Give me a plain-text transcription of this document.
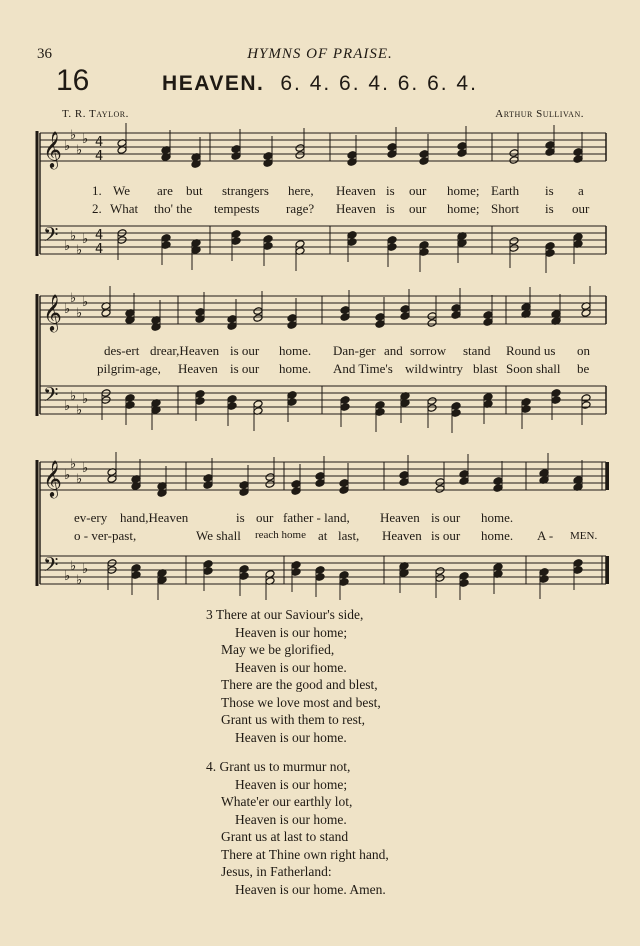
36	HYMNS OF PRAISE.
16	HEAVEN. 6. 4. 6. 4. 6. 6. 4.
T. R. Taylor.	Arthur Sullivan.
𝄞
𝄢
♭
♭
♭
♭
♭
♭
♭
♭
4
4
4
4
𝄞
𝄢
♭
♭
♭
♭
♭
♭
♭
♭
𝄞
𝄢
♭
♭
♭
♭
♭
♭
♭
♭
1. We are but strangers here, Heaven is our home; Earth is a
2. What tho' the tempests rage? Heaven is our home; Short is our
des-ert drear,Heaven is our home. Dan-ger and sorrow stand Round us on
pilgrim-age, Heaven is our home. And Time's wild wintry blast Soon shall be
ev-ery hand,Heaven	is our father - land, Heaven is our home.
o - ver-past,	We shall reach home at last, Heaven is our home. A - MEN.
3 There at our Saviour's side,
Heaven is our home;
May we be glorified,
Heaven is our home.
There are the good and blest,
Those we love most and best,
Grant us with them to rest,
Heaven is our home.
4. Grant us to murmur not,
Heaven is our home;
Whate'er our earthly lot,
Heaven is our home.
Grant us at last to stand
There at Thine own right hand,
Jesus, in Fatherland:
Heaven is our home. Amen.
